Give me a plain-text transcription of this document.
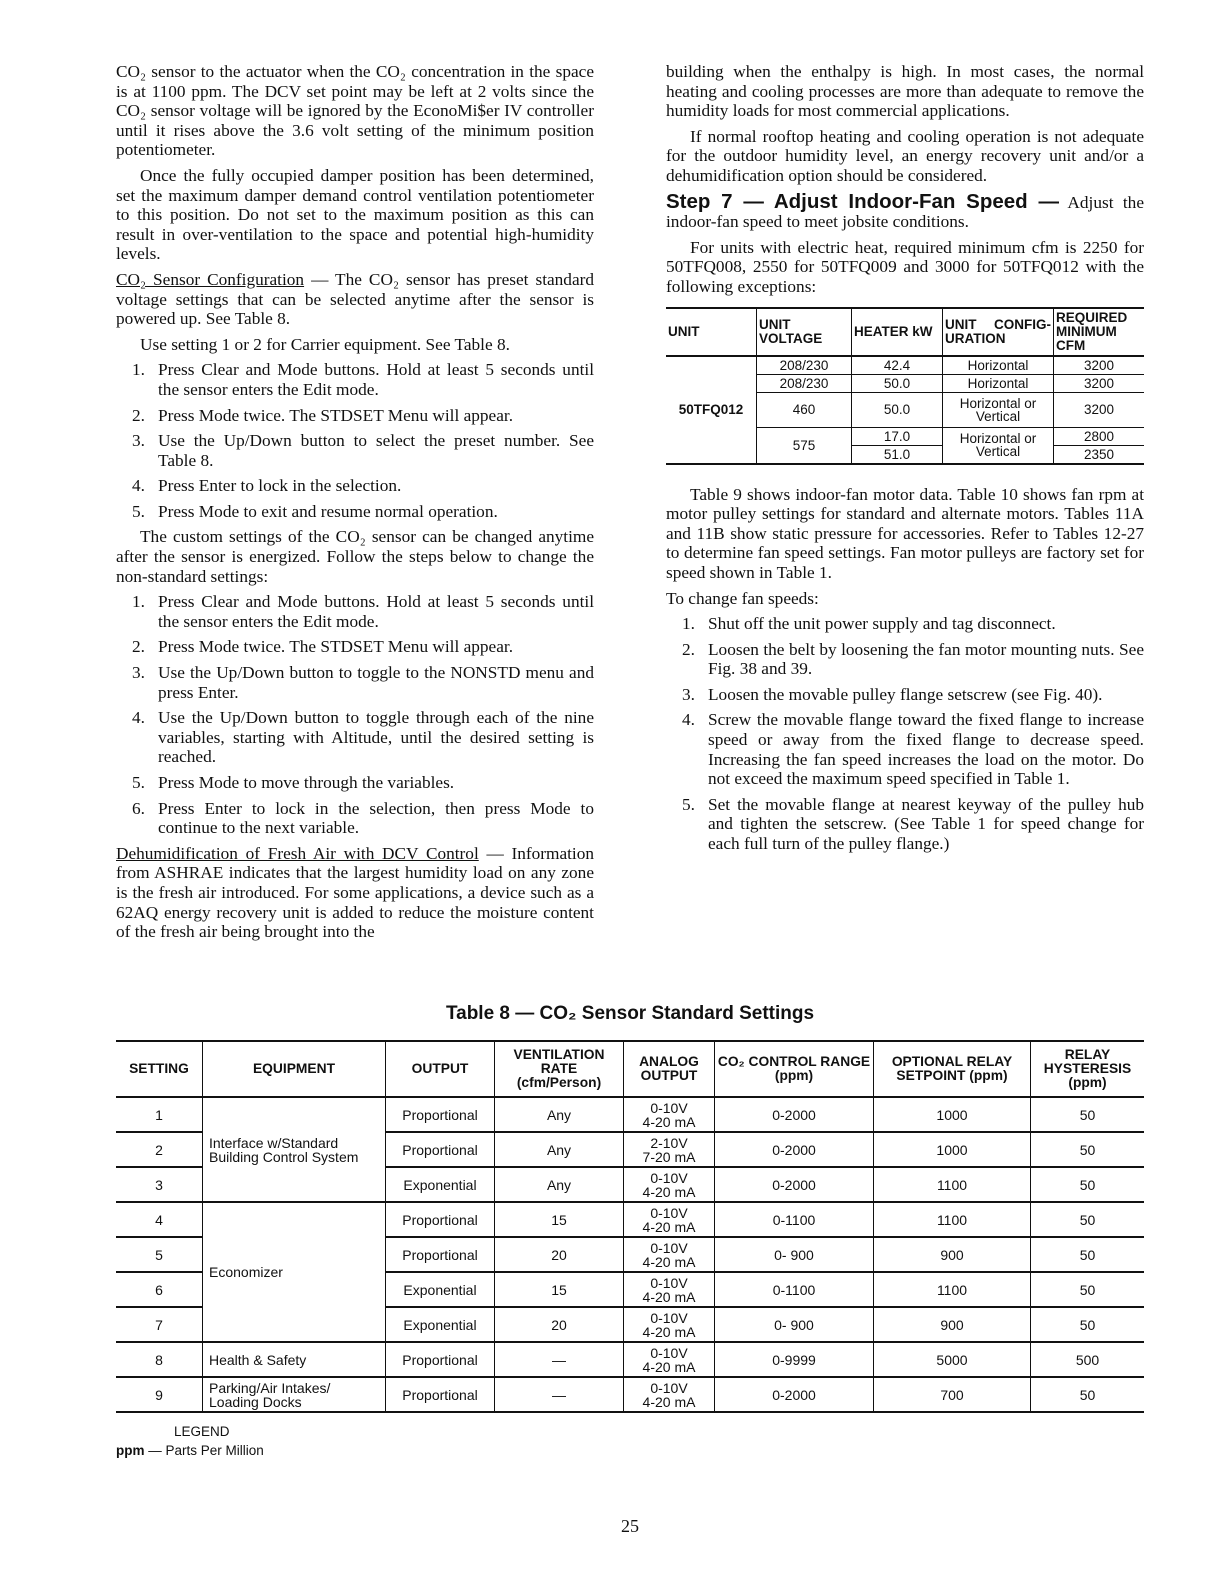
CO₂ sensor to the actuator when the CO₂ concentration in the space is at 1100 ppm. The DCV set point may be left at 2 volts since the CO₂ sensor voltage will be ignored by the EconoMi$er IV controller until it rises above the 3.6 volt setting of the minimum position potentiometer.

Once the fully occupied damper position has been determined, set the maximum damper demand control ventilation potentiometer to this position. Do not set to the maximum position as this can result in over-ventilation to the space and potential high-humidity levels.

CO₂ Sensor Configuration — The CO₂ sensor has preset standard voltage settings that can be selected anytime after the sensor is powered up. See Table 8.

Use setting 1 or 2 for Carrier equipment. See Table 8.

1. Press Clear and Mode buttons. Hold at least 5 seconds until the sensor enters the Edit mode.
2. Press Mode twice. The STDSET Menu will appear.
3. Use the Up/Down button to select the preset number. See Table 8.
4. Press Enter to lock in the selection.
5. Press Mode to exit and resume normal operation.

The custom settings of the CO₂ sensor can be changed anytime after the sensor is energized. Follow the steps below to change the non-standard settings:

1. Press Clear and Mode buttons. Hold at least 5 seconds until the sensor enters the Edit mode.
2. Press Mode twice. The STDSET Menu will appear.
3. Use the Up/Down button to toggle to the NONSTD menu and press Enter.
4. Use the Up/Down button to toggle through each of the nine variables, starting with Altitude, until the desired setting is reached.
5. Press Mode to move through the variables.
6. Press Enter to lock in the selection, then press Mode to continue to the next variable.

Dehumidification of Fresh Air with DCV Control — Information from ASHRAE indicates that the largest humidity load on any zone is the fresh air introduced. For some applications, a device such as a 62AQ energy recovery unit is added to reduce the moisture content of the fresh air being brought into the

building when the enthalpy is high. In most cases, the normal heating and cooling processes are more than adequate to remove the humidity loads for most commercial applications.

If normal rooftop heating and cooling operation is not adequate for the outdoor humidity level, an energy recovery unit and/or a dehumidification option should be considered.

Step 7 — Adjust Indoor-Fan Speed — Adjust the indoor-fan speed to meet jobsite conditions.

For units with electric heat, required minimum cfm is 2250 for 50TFQ008, 2550 for 50TFQ009 and 3000 for 50TFQ012 with the following exceptions:

UNIT	UNIT VOLTAGE	HEATER kW	UNIT CONFIG-URATION	REQUIRED MINIMUM CFM
50TFQ012	208/230	42.4	Horizontal	3200
	208/230	50.0	Horizontal	3200
	460	50.0	Horizontal or Vertical	3200
	575	17.0	Horizontal or Vertical	2800
		51.0		2350

Table 9 shows indoor-fan motor data. Table 10 shows fan rpm at motor pulley settings for standard and alternate motors. Tables 11A and 11B show static pressure for accessories. Refer to Tables 12-27 to determine fan speed settings. Fan motor pulleys are factory set for speed shown in Table 1.

To change fan speeds:

1. Shut off the unit power supply and tag disconnect.
2. Loosen the belt by loosening the fan motor mounting nuts. See Fig. 38 and 39.
3. Loosen the movable pulley flange setscrew (see Fig. 40).
4. Screw the movable flange toward the fixed flange to increase speed or away from the fixed flange to decrease speed. Increasing the fan speed increases the load on the motor. Do not exceed the maximum speed specified in Table 1.
5. Set the movable flange at nearest keyway of the pulley hub and tighten the setscrew. (See Table 1 for speed change for each full turn of the pulley flange.)
Table 8 — CO₂ Sensor Standard Settings
SETTING	EQUIPMENT	OUTPUT	VENTILATION RATE (cfm/Person)	ANALOG OUTPUT	CO₂ CONTROL RANGE (ppm)	OPTIONAL RELAY SETPOINT (ppm)	RELAY HYSTERESIS (ppm)
1	Interface w/Standard Building Control System	Proportional	Any	0-10V
4-20 mA	0-2000	1000	50
2		Proportional	Any	2-10V
7-20 mA	0-2000	1000	50
3		Exponential	Any	0-10V
4-20 mA	0-2000	1100	50
4	Economizer	Proportional	15	0-10V
4-20 mA	0-1100	1100	50
5		Proportional	20	0-10V
4-20 mA	0- 900	900	50
6		Exponential	15	0-10V
4-20 mA	0-1100	1100	50
7		Exponential	20	0-10V
4-20 mA	0- 900	900	50
8	Health & Safety	Proportional	—	0-10V
4-20 mA	0-9999	5000	500
9	Parking/Air Intakes/ Loading Docks	Proportional	—	0-10V
4-20 mA	0-2000	700	50
LEGEND
ppm — Parts Per Million
25
